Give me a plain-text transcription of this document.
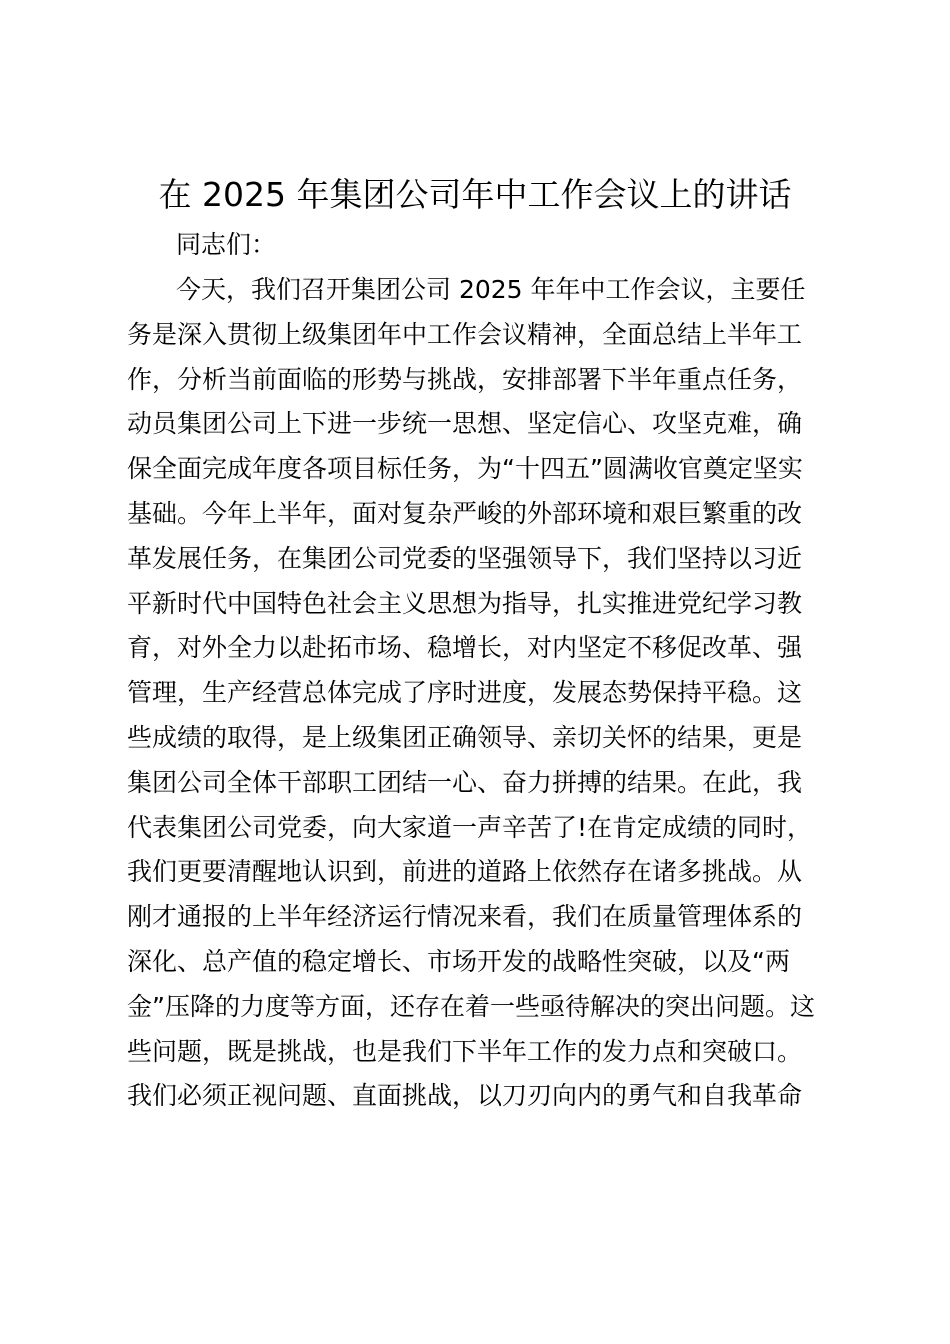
在 2025 年集团公司年中工作会议上的讲话
同志们：
今天，我们召开集团公司 2025 年年中工作会议，主要任
务是深入贯彻上级集团年中工作会议精神，全面总结上半年工
作，分析当前面临的形势与挑战，安排部署下半年重点任务，
动员集团公司上下进一步统一思想、坚定信心、攻坚克难，确
保全面完成年度各项目标任务，为“十四五”圆满收官奠定坚实
基础。今年上半年，面对复杂严峻的外部环境和艰巨繁重的改
革发展任务，在集团公司党委的坚强领导下，我们坚持以习近
平新时代中国特色社会主义思想为指导，扎实推进党纪学习教
育，对外全力以赴拓市场、稳增长，对内坚定不移促改革、强
管理，生产经营总体完成了序时进度，发展态势保持平稳。这
些成绩的取得，是上级集团正确领导、亲切关怀的结果，更是
集团公司全体干部职工团结一心、奋力拼搏的结果。在此，我
代表集团公司党委，向大家道一声辛苦了!在肯定成绩的同时，
我们更要清醒地认识到，前进的道路上依然存在诸多挑战。从
刚才通报的上半年经济运行情况来看，我们在质量管理体系的
深化、总产值的稳定增长、市场开发的战略性突破，以及“两
金”压降的力度等方面，还存在着一些亟待解决的突出问题。这
些问题，既是挑战，也是我们下半年工作的发力点和突破口。
我们必须正视问题、直面挑战，以刀刃向内的勇气和自我革命
